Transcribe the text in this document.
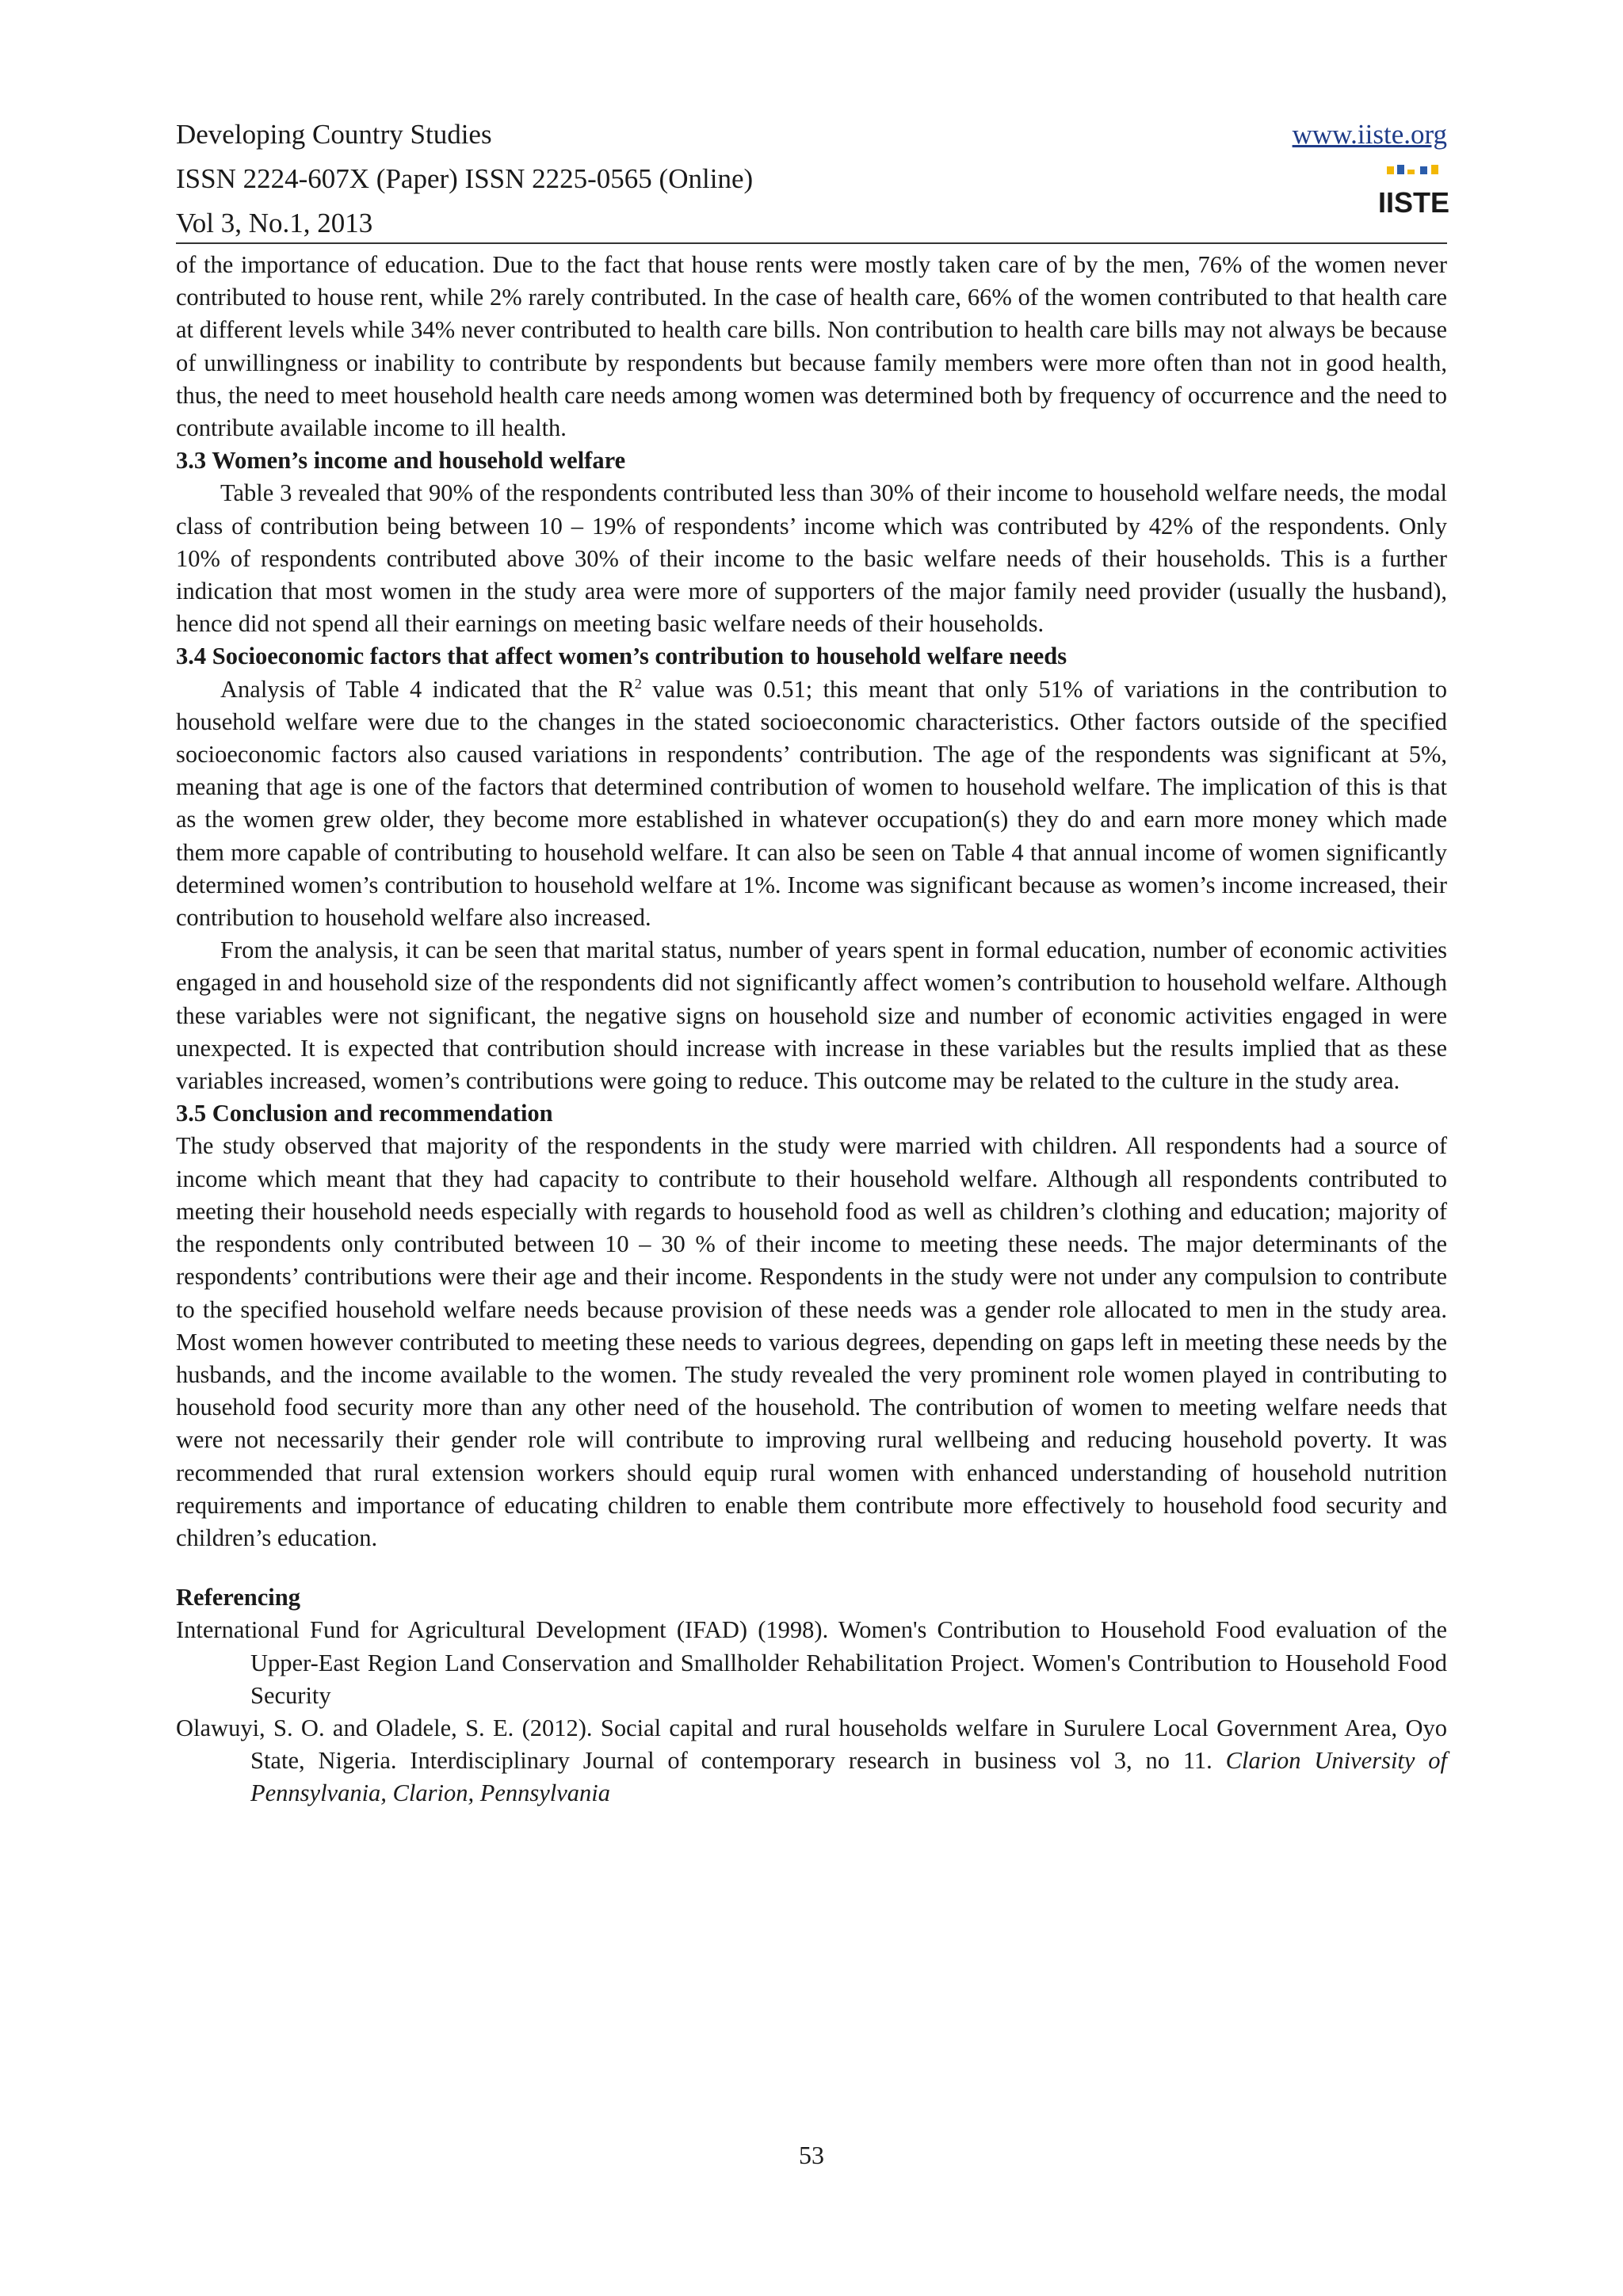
Developing Country Studies
ISSN 2224-607X (Paper) ISSN 2225-0565 (Online)
Vol 3, No.1, 2013
www.iiste.org
IISTE

of the importance of education. Due to the fact that house rents were mostly taken care of by the men, 76% of the women never contributed to house rent, while 2% rarely contributed. In the case of health care, 66% of the women contributed to that health care at different levels while 34% never contributed to health care bills. Non contribution to health care bills may not always be because of unwillingness or inability to contribute by respondents but because family members were more often than not in good health, thus, the need to meet household health care needs among women was determined both by frequency of occurrence and the need to contribute available income to ill health.

3.3 Women’s income and household welfare

Table 3 revealed that 90% of the respondents contributed less than 30% of their income to household welfare needs, the modal class of contribution being between 10 – 19% of respondents’ income which was contributed by 42% of the respondents. Only 10% of respondents contributed above 30% of their income to the basic welfare needs of their households. This is a further indication that most women in the study area were more of supporters of the major family need provider (usually the husband), hence did not spend all their earnings on meeting basic welfare needs of their households.

3.4 Socioeconomic factors that affect women’s contribution to household welfare needs

Analysis of Table 4 indicated that the $R^2$ value was 0.51; this meant that only 51% of variations in the contribution to household welfare were due to the changes in the stated socioeconomic characteristics. Other factors outside of the specified socioeconomic factors also caused variations in respondents’ contribution. The age of the respondents was significant at 5%, meaning that age is one of the factors that determined contribution of women to household welfare. The implication of this is that as the women grew older, they become more established in whatever occupation(s) they do and earn more money which made them more capable of contributing to household welfare. It can also be seen on Table 4 that annual income of women significantly determined women’s contribution to household welfare at 1%. Income was significant because as women’s income increased, their contribution to household welfare also increased.

From the analysis, it can be seen that marital status, number of years spent in formal education, number of economic activities engaged in and household size of the respondents did not significantly affect women’s contribution to household welfare. Although these variables were not significant, the negative signs on household size and number of economic activities engaged in were unexpected. It is expected that contribution should increase with increase in these variables but the results implied that as these variables increased, women’s contributions were going to reduce. This outcome may be related to the culture in the study area.

3.5 Conclusion and recommendation

The study observed that majority of the respondents in the study were married with children. All respondents had a source of income which meant that they had capacity to contribute to their household welfare. Although all respondents contributed to meeting their household needs especially with regards to household food as well as children’s clothing and education; majority of the respondents only contributed between 10 – 30 % of their income to meeting these needs. The major determinants of the respondents’ contributions were their age and their income. Respondents in the study were not under any compulsion to contribute to the specified household welfare needs because provision of these needs was a gender role allocated to men in the study area. Most women however contributed to meeting these needs to various degrees, depending on gaps left in meeting these needs by the husbands, and the income available to the women. The study revealed the very prominent role women played in contributing to household food security more than any other need of the household. The contribution of women to meeting welfare needs that were not necessarily their gender role will contribute to improving rural wellbeing and reducing household poverty. It was recommended that rural extension workers should equip rural women with enhanced understanding of household nutrition requirements and importance of educating children to enable them contribute more effectively to household food security and children’s education.

Referencing

International Fund for Agricultural Development (IFAD) (1998). Women's Contribution to Household Food evaluation of the Upper-East Region Land Conservation and Smallholder Rehabilitation Project. Women's Contribution to Household Food Security

Olawuyi, S. O. and Oladele, S. E. (2012). Social capital and rural households welfare in Surulere Local Government Area, Oyo State, Nigeria. Interdisciplinary Journal of contemporary research in business vol 3, no 11. Clarion University of Pennsylvania, Clarion, Pennsylvania

53
